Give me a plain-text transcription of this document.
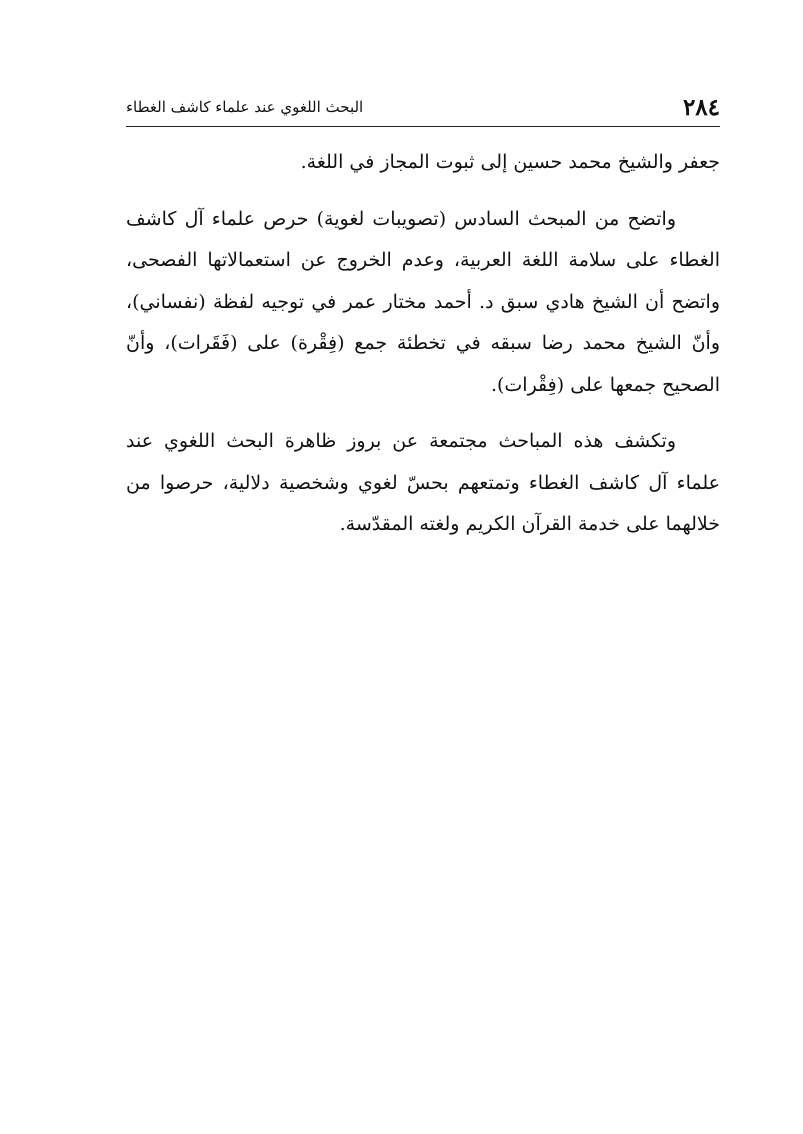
٢٨٤
البحث اللغوي عند علماء كاشف الغطاء

جعفر والشيخ محمد حسين إلى ثبوت المجاز في اللغة.

واتضح من المبحث السادس (تصويبات لغوية) حرص علماء آل كاشف الغطاء على سلامة اللغة العربية، وعدم الخروج عن استعمالاتها الفصحى، واتضح أن الشيخ هادي سبق د. أحمد مختار عمر في توجيه لفظة (نفساني)، وأنّ الشيخ محمد رضا سبقه في تخطئة جمع (فِقْرة) على (فَقَرات)، وأنّ الصحيح جمعها على (فِقْرات).

وتكشف هذه المباحث مجتمعة عن بروز ظاهرة البحث اللغوي عند علماء آل كاشف الغطاء وتمتعهم بحسّ لغوي وشخصية دلالية، حرصوا من خلالهما على خدمة القرآن الكريم ولغته المقدّسة.
